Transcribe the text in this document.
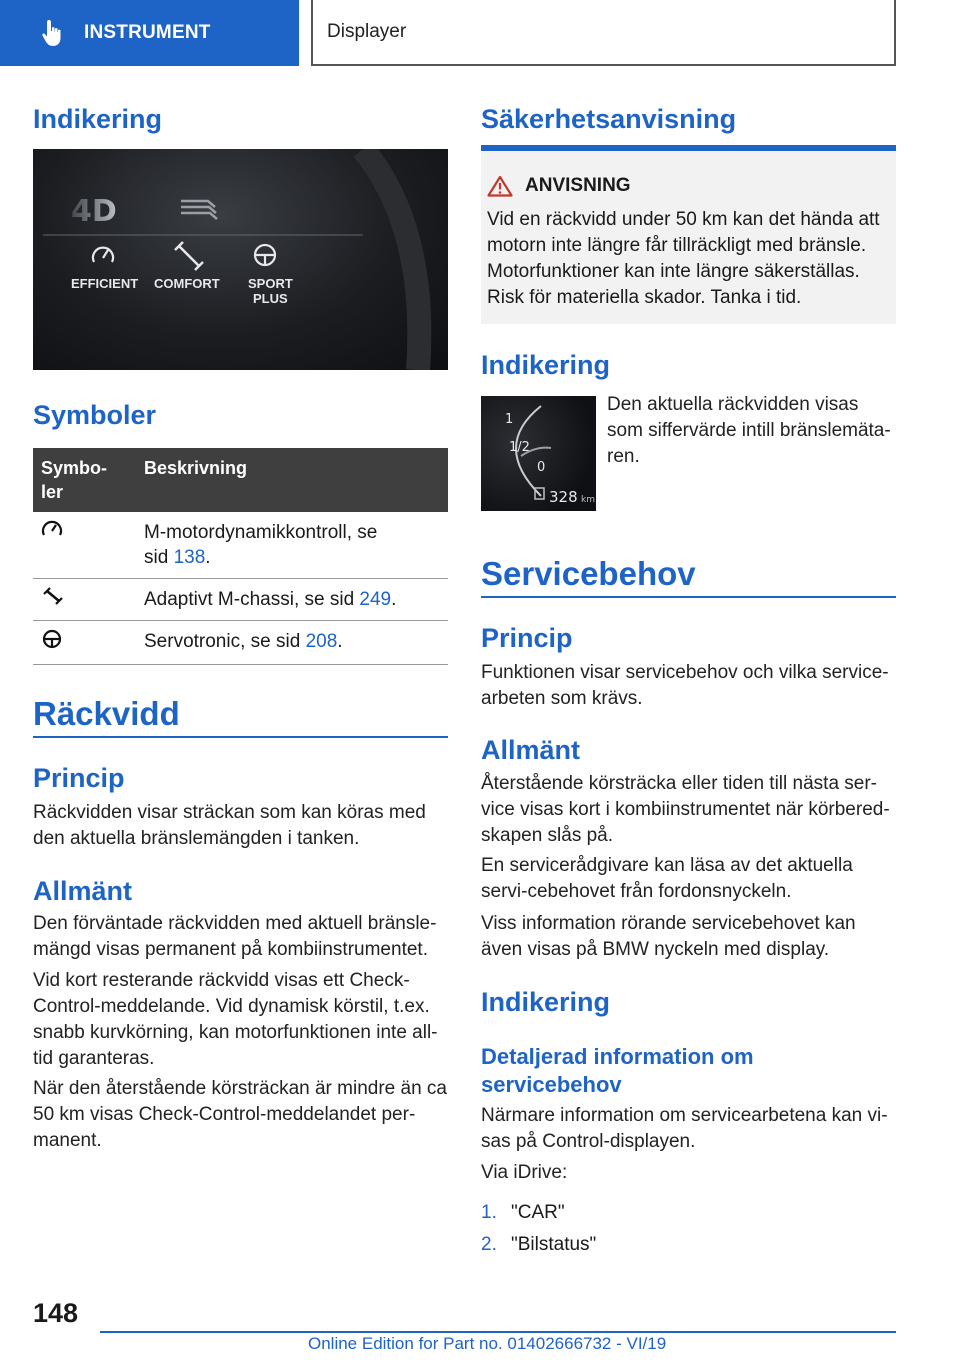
INSTRUMENT	Displayer
Indikering
4D
EFFICIENT COMFORT SPORT
PLUS
Symboler
Symbo-
ler	Beskrivning
	M-motordynamikkontroll, se
sid 138.
	Adaptivt M-chassi, se sid 249.
	Servotronic, se sid 208.
Räckvidd
Princip
Räckvidden visar sträckan som kan köras med den aktuella bränslemängden i tanken.
Allmänt
Den förväntade räckvidden med aktuell bränsle-mängd visas permanent på kombiinstrumentet.
Vid kort resterande räckvidd visas ett Check-Control-meddelande. Vid dynamisk körstil, t.ex. snabb kurvkörning, kan motorfunktionen inte all-tid garanteras.
När den återstående körsträckan är mindre än ca 50 km visas Check-Control-meddelandet per-manent.
Säkerhetsanvisning
ANVISNING
Vid en räckvidd under 50 km kan det hända att motorn inte längre får tillräckligt med bränsle. Motorfunktioner kan inte längre säkerställas. Risk för materiella skador. Tanka i tid.
Indikering
1
1/2
0
328 km
Den aktuella räckvidden visas som siffervärde intill bränslemäta-ren.
Servicebehov
Princip
Funktionen visar servicebehov och vilka service-arbeten som krävs.
Allmänt
Återstående körsträcka eller tiden till nästa ser-vice visas kort i kombiinstrumentet när körbered-skapen slås på.
En servicerådgivare kan läsa av det aktuella servi-cebehovet från fordonsnyckeln.
Viss information rörande servicebehovet kan även visas på BMW nyckeln med display.
Indikering
Detaljerad information om servicebehov
Närmare information om servicearbetena kan vi-sas på Control-displayen.
Via iDrive:
1. "CAR"
2. "Bilstatus"
148
Online Edition for Part no. 01402666732 - VI/19
